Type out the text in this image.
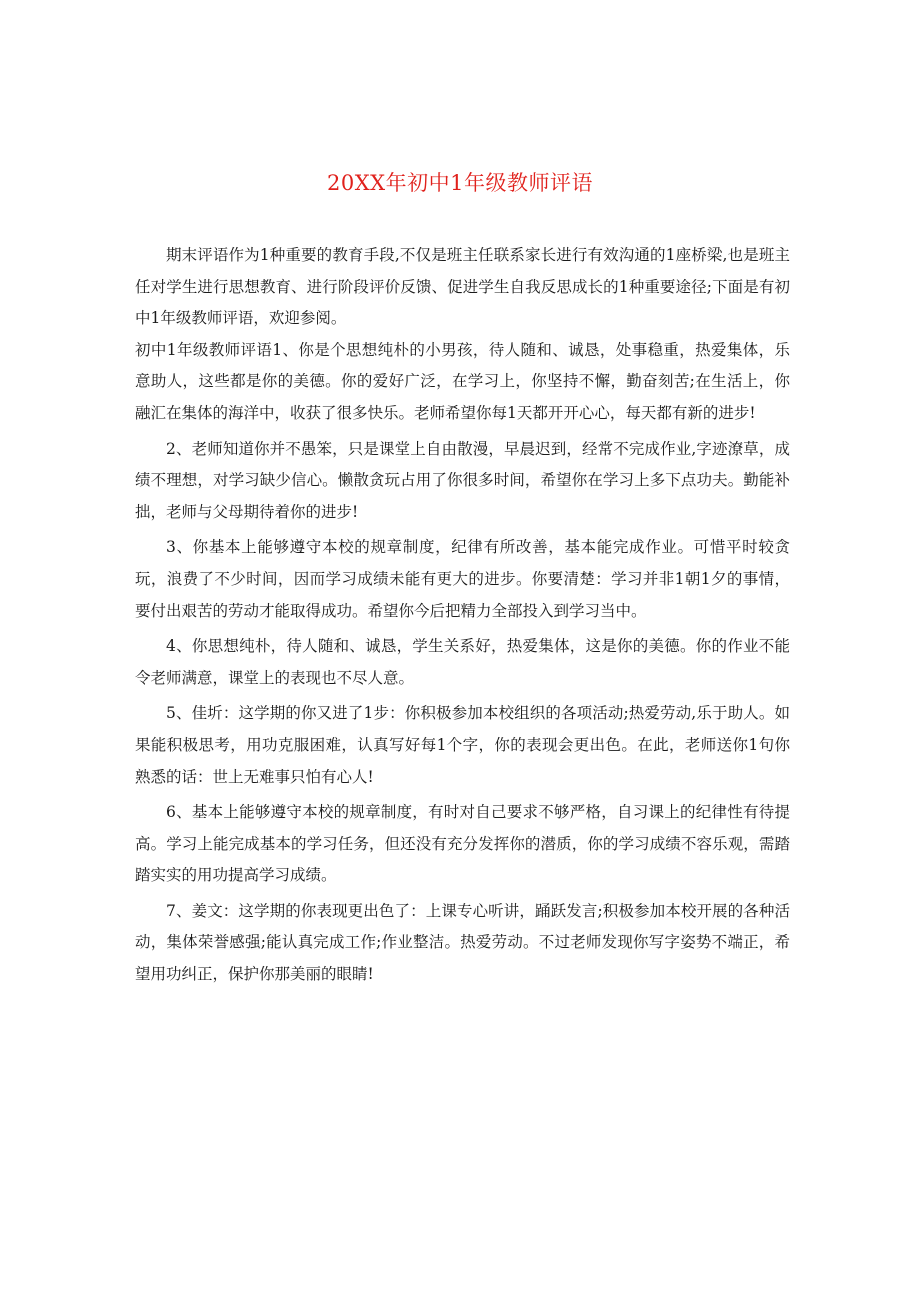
20XX年初中1年级教师评语

期末评语作为1种重要的教育手段,不仅是班主任联系家长进行有效沟通的1座桥梁,也是班主任对学生进行思想教育、进行阶段评价反馈、促进学生自我反思成长的1种重要途径;下面是有初中1年级教师评语，欢迎参阅。

初中1年级教师评语1、你是个思想纯朴的小男孩，待人随和、诚恳，处事稳重，热爱集体，乐意助人，这些都是你的美德。你的爱好广泛，在学习上，你坚持不懈，勤奋刻苦;在生活上，你融汇在集体的海洋中，收获了很多快乐。老师希望你每1天都开开心心，每天都有新的进步!

2、老师知道你并不愚笨，只是课堂上自由散漫，早晨迟到，经常不完成作业,字迹潦草，成绩不理想，对学习缺少信心。懒散贪玩占用了你很多时间，希望你在学习上多下点功夫。勤能补拙，老师与父母期待着你的进步!

3、你基本上能够遵守本校的规章制度，纪律有所改善，基本能完成作业。可惜平时较贪玩，浪费了不少时间，因而学习成绩未能有更大的进步。你要清楚：学习并非1朝1夕的事情，要付出艰苦的劳动才能取得成功。希望你今后把精力全部投入到学习当中。

4、你思想纯朴，待人随和、诚恳，学生关系好，热爱集体，这是你的美德。你的作业不能令老师满意，课堂上的表现也不尽人意。

5、佳圻：这学期的你又进了1步：你积极参加本校组织的各项活动;热爱劳动,乐于助人。如果能积极思考，用功克服困难，认真写好每1个字，你的表现会更出色。在此，老师送你1句你熟悉的话：世上无难事只怕有心人!

6、基本上能够遵守本校的规章制度，有时对自己要求不够严格，自习课上的纪律性有待提高。学习上能完成基本的学习任务，但还没有充分发挥你的潜质，你的学习成绩不容乐观，需踏踏实实的用功提高学习成绩。

7、姜文：这学期的你表现更出色了：上课专心听讲，踊跃发言;积极参加本校开展的各种活动，集体荣誉感强;能认真完成工作;作业整洁。热爱劳动。不过老师发现你写字姿势不端正，希望用功纠正，保护你那美丽的眼睛!
